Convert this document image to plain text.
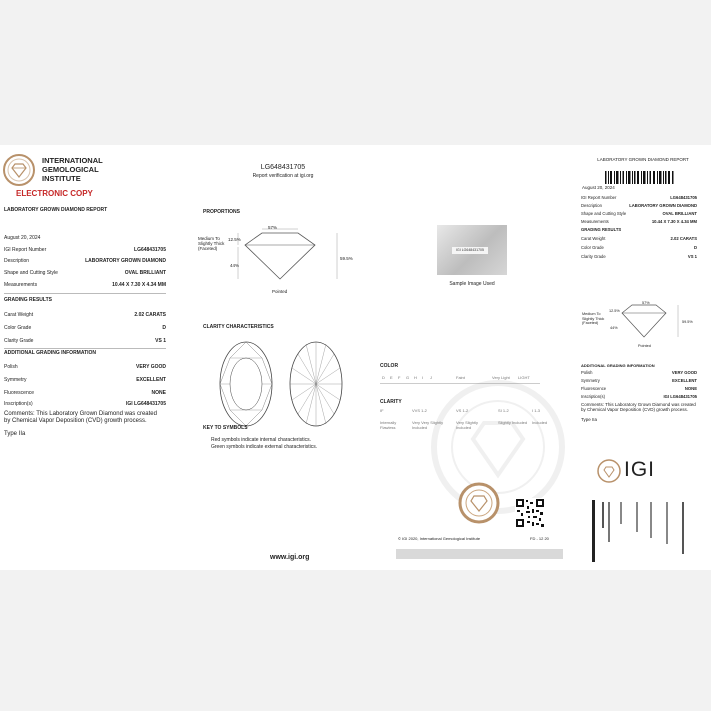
INTERNATIONAL
GEMOLOGICAL
INSTITUTE
ELECTRONIC COPY
LABORATORY GROWN DIAMOND REPORT
August 20, 2024
IGI Report Number	LG648431705
Description	LABORATORY GROWN DIAMOND
Shape and Cutting Style	OVAL BRILLIANT
Measurements	10.44 X 7.30 X 4.34 MM
GRADING RESULTS
Carat Weight	2.02 CARATS
Color Grade	D
Clarity Grade	VS 1
ADDITIONAL GRADING INFORMATION
Polish	VERY GOOD
Symmetry	EXCELLENT
Fluorescence	NONE
Inscription(s)	IGI LG648431705
Comments: This Laboratory Grown Diamond was created by Chemical Vapor Deposition (CVD) growth process.
Type IIa
LG648431705
Report verification at igi.org
PROPORTIONS
57%
12.5%
44%
59.5%
Medium To Slightly Thick (Faceted)
Pointed
IGI LG648431705
Sample Image Used
CLARITY CHARACTERISTICS
KEY TO SYMBOLS
Red symbols indicate internal characteristics.
Green symbols indicate external characteristics.
COLOR
D E F G H I J	Faint	Very Light LIGHT
CLARITY
IF	VVS 1-2	VS 1-2	SI 1-2	I 1-3
Internally Flawless
Very Very Slightly Included
Very Slightly Included
Slightly Included Included
© IGI 2020, International Gemological Institute	FD - 12 20
www.igi.org
LABORATORY GROWN DIAMOND REPORT
August 20, 2024
IGI Report Number	LG648431705
Description	LABORATORY GROWN DIAMOND
Shape and Cutting Style	OVAL BRILLIANT
Measurements	10.44 X 7.30 X 4.34 MM
GRADING RESULTS
Carat Weight	2.02 CARATS
Color Grade	D
Clarity Grade	VS 1
57%
12.5%
44%
59.5%
Medium To Slightly Thick (Faceted)
Pointed
ADDITIONAL GRADING INFORMATION
Polish	VERY GOOD
Symmetry	EXCELLENT
Fluorescence	NONE
Inscription(s)	IGI LG648431705
Comments: This Laboratory Grown Diamond was created by Chemical Vapor Deposition (CVD) growth process.
Type IIa
IGI
